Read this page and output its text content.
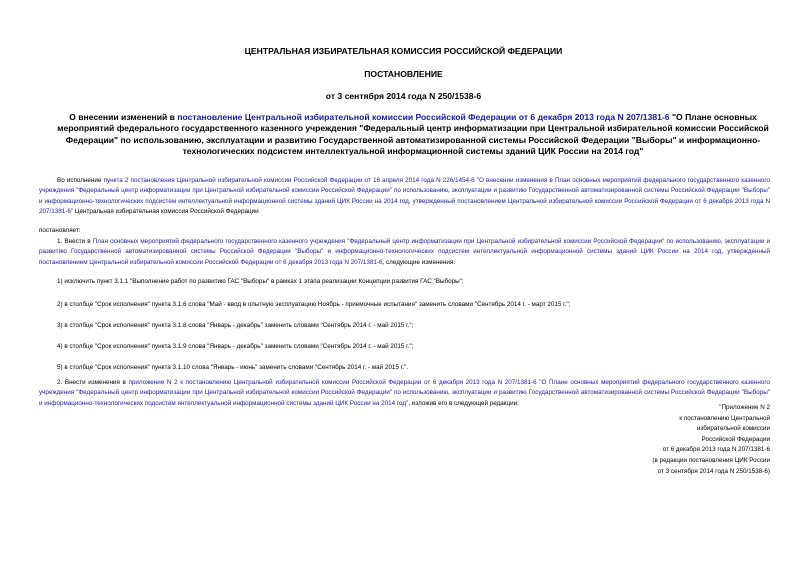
ЦЕНТРАЛЬНАЯ ИЗБИРАТЕЛЬНАЯ КОМИССИЯ РОССИЙСКОЙ ФЕДЕРАЦИИ
ПОСТАНОВЛЕНИЕ
от 3 сентября 2014 года N 250/1538-6
О внесении изменений в постановление Центральной избирательной комиссии Российской Федерации от 6 декабря 2013 года N 207/1381-6 "О Плане основных мероприятий федерального государственного казенного учреждения "Федеральный центр информатизации при Центральной избирательной комиссии Российской Федерации" по использованию, эксплуатации и развитию Государственной автоматизированной системы Российской Федерации "Выборы" и информационно-технологических подсистем интеллектуальной информационной системы зданий ЦИК России на 2014 год"
Во исполнение пункта 2 постановления Центральной избирательной комиссии Российской Федерации от 16 апреля 2014 года N 226/1454-6 "О внесении изменения в План основных мероприятий федерального государственного казенного учреждения "Федеральный центр информатизации при Центральной избирательной комиссии Российской Федерации" по использованию, эксплуатации и развитию Государственной автоматизированной системы Российской Федерации "Выборы" и информационно-технологических подсистем интеллектуальной информационной системы зданий ЦИК России на 2014 год, утвержденный постановлением Центральной избирательной комиссии Российской Федерации от 6 декабря 2013 года N 207/1381-6" Центральная избирательная комиссия Российской Федерации
постановляет:
1. Внести в План основных мероприятий федерального государственного казенного учреждения "Федеральный центр информатизации при Центральной избирательной комиссии Российской Федерации" по использованию, эксплуатации и развитию Государственной автоматизированной системы Российской Федерации "Выборы" и информационно-технологических подсистем интеллектуальной информационной системы зданий ЦИК России на 2014 год, утвержденный постановлением Центральной избирательной комиссии Российской Федерации от 6 декабря 2013 года N 207/1381-6, следующие изменения:
1) исключить пункт 3.1.1 "Выполнение работ по развитию ГАС "Выборы" в рамках 1 этапа реализации Концепции развития ГАС "Выборы";
2) в столбце "Срок исполнения" пункта 3.1.6 слова "Май - ввод в опытную эксплуатацию Ноябрь - приемочные испытания" заменить словами "Сентябрь 2014 г. - март 2015 г.";
3) в столбце "Срок исполнения" пункта 3.1.8 слова "Январь - декабрь" заменить словами "Сентябрь 2014 г. - май 2015 г.";
4) в столбце "Срок исполнения" пункта 3.1.9 слова "Январь - декабрь" заменить словами "Сентябрь 2014 г. - май 2015 г.";
5) в столбце "Срок исполнения" пункта 3.1.10 слова "Январь - июнь" заменить словами "Сентябрь 2014 г. - май 2015 г.".
2. Внести изменения в приложение N 2 к постановлению Центральной избирательной комиссии Российской Федерации от 6 декабря 2013 года N 207/1381-6 "О Плане основных мероприятий федерального государственного казенного учреждения "Федеральный центр информатизации при Центральной избирательной комиссии Российской Федерации" по использованию, эксплуатации и развитию Государственной автоматизированной системы Российской Федерации "Выборы" и информационно-технологических подсистем интеллектуальной информационной системы зданий ЦИК России на 2014 год", изложив его в следующей редакции:
"Приложение N 2
к постановлению Центральной
избирательной комиссии
Российской Федерации
от 6 декабря 2013 года N 207/1381-6
(в редакции постановления ЦИК России
от 3 сентября 2014 года N 250/1538-6)
